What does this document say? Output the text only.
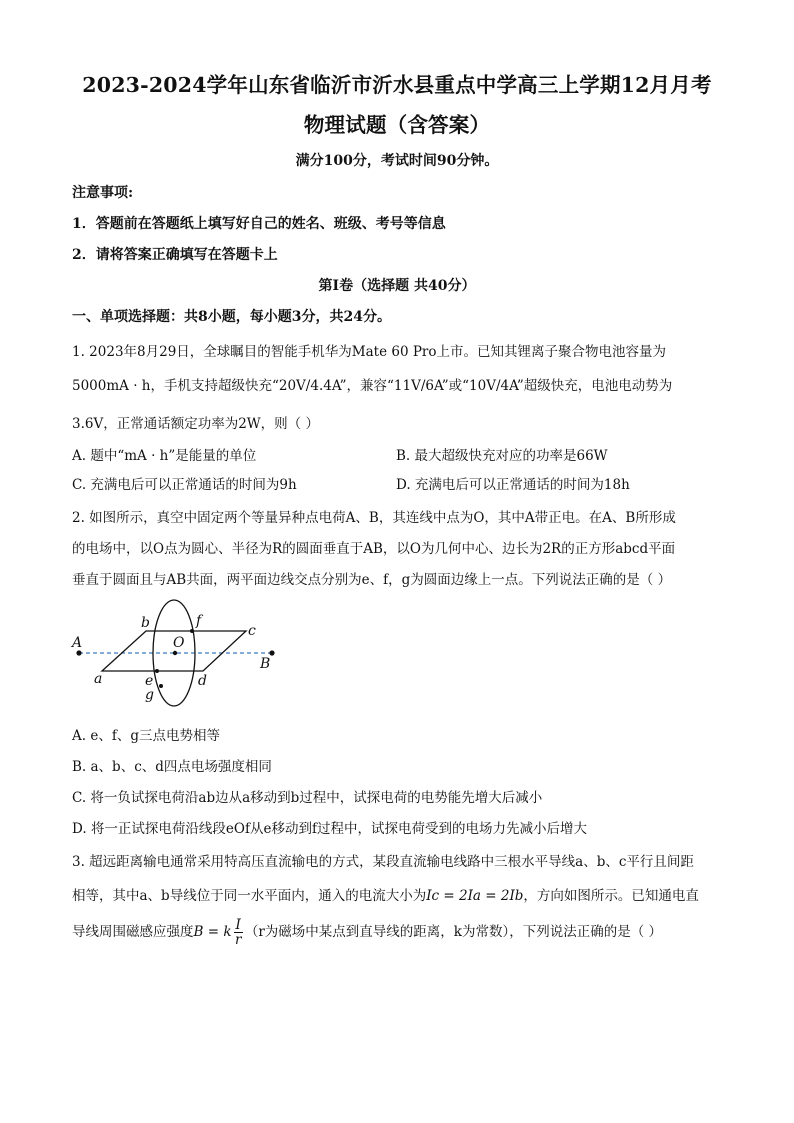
2023-2024学年山东省临沂市沂水县重点中学高三上学期12月月考
物理试题（含答案）
满分100分，考试时间90分钟。
注意事项:
1．答题前在答题纸上填写好自己的姓名、班级、考号等信息
2．请将答案正确填写在答题卡上
第I卷（选择题 共40分）
一、单项选择题：共8小题，每小题3分，共24分。
1. 2023年8月29日，全球瞩目的智能手机华为Mate 60 Pro上市。已知其锂离子聚合物电池容量为
5000mA · h，手机支持超级快充“20V/4.4A”，兼容“11V/6A”或“10V/4A”超级快充，电池电动势为
3.6V，正常通话额定功率为2W，则（ ）
A. 题中“mA · h”是能量的单位	B. 最大超级快充对应的功率是66W
C. 充满电后可以正常通话的时间为9h	D. 充满电后可以正常通话的时间为18h
2. 如图所示，真空中固定两个等量异种点电荷A、B，其连线中点为O，其中A带正电。在A、B所形成
的电场中，以O点为圆心、半径为R的圆面垂直于AB，以O为几何中心、边长为2R的正方形abcd平面
垂直于圆面且与AB共面，两平面边线交点分别为e、f，g为圆面边缘上一点。下列说法正确的是（ ）
A
B
O
a
b	c
d
e
f
g
A. e、f、g三点电势相等
B. a、b、c、d四点电场强度相同
C. 将一负试探电荷沿ab边从a移动到b过程中，试探电荷的电势能先增大后减小
D. 将一正试探电荷沿线段eOf从e移动到f过程中，试探电荷受到的电场力先减小后增大
3. 超远距离输电通常采用特高压直流输电的方式，某段直流输电线路中三根水平导线a、b、c平行且间距
相等，其中a、b导线位于同一水平面内，通入的电流大小为Ic = 2Ia = 2Ib，方向如图所示。已知通电直
导线周围磁感应强度B = k $\frac{I}{r} (r$为磁场中某点到直导线的距离，k为常数），下列说法正确的是（ ）
